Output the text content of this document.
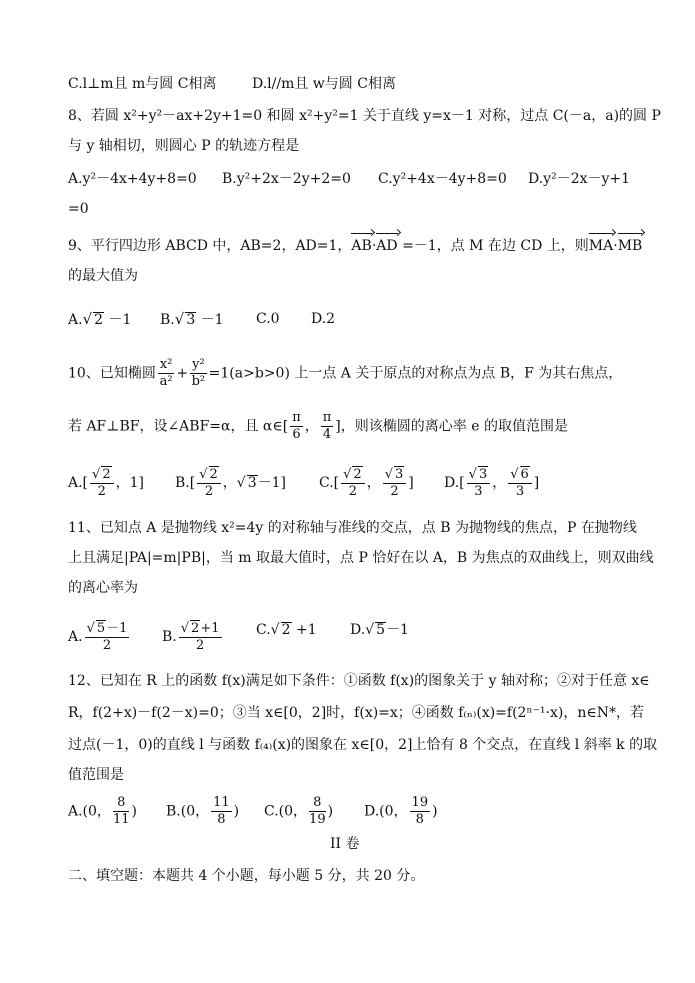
C.l⊥m且 m与圆 C相离	D.l//m且 w与圆 C相离
8、若圆 x²+y²－ax+2y+1=0 和圆 x²+y²=1 关于直线 y=x－1 对称，过点 C(－a，a)的圆 P
与 y 轴相切，则圆心 P 的轨迹方程是
A.y²－4x+4y+8=0 B.y²+2x－2y+2=0 C.y²+4x－4y+8=0 D.y²－2x－y+1
=0
9、平行四边形 ABCD 中，AB=2，AD=1，AB·AD =－1，点 M 在边 CD 上，则MA·MB
的最大值为
A.√ 2 －1 B.√ 3 －1 C.0 D.2
10、已知椭圆 $\frac{\text{x²}}{\text{a²}} + \frac{\text{y²}}{\text{b²}} =1(a>b>0)$ 上一点 A 关于原点的对称点为点 B，F 为其右焦点，
若 AF⊥BF，设∠ABF=α，且 α∈[ $\frac{\pi}{6}$ ， $\frac{\pi}{4}$ ]，则该椭圆的离心率 e 的取值范围是
$A.[ \frac{√ 2}{2}$ ，1] $B.[ \frac{√ 2}{2}$ ，√ 3－1] $C.[ \frac{√ 2}{2}$ ， $\frac{√ 3}{2}$ ] $D.[ \frac{√ 3}{3}$ ， $\frac{√ 6}{3}$ ]
11、已知点 A 是抛物线 x²=4y 的对称轴与准线的交点，点 B 为抛物线的焦点，P 在抛物线
上且满足|PA|=m|PB|，当 m 取最大值时，点 P 恰好在以 A，B 为焦点的双曲线上，则双曲线
的离心率为
A. $\frac{√ 5-1}{2} B$. $\frac{√ 2+1}{2} C.√$ 2 +1 D.√ 5－1
12、已知在 R 上的函数 f(x)满足如下条件：①函数 f(x)的图象关于 y 轴对称；②对于任意 x∈
R，f(2+x)－f(2－x)=0；③当 x∈[0，2]时，f(x)=x；④函数 f₍ₙ₎(x)=f(2ⁿ⁻¹·x)，n∈N*，若
过点(－1，0)的直线 l 与函数 f₍₄₎(x)的图象在 x∈[0，2]上恰有 8 个交点，在直线 l 斜率 k 的取
值范围是
A.(0， $\frac{8}{11}$ ) B.(0， $\frac{11}{8}$ ) C.(0， $\frac{8}{19}$ ) D.(0， $\frac{19}{8}$ )
II 卷
二、填空题：本题共 4 个小题，每小题 5 分，共 20 分。
